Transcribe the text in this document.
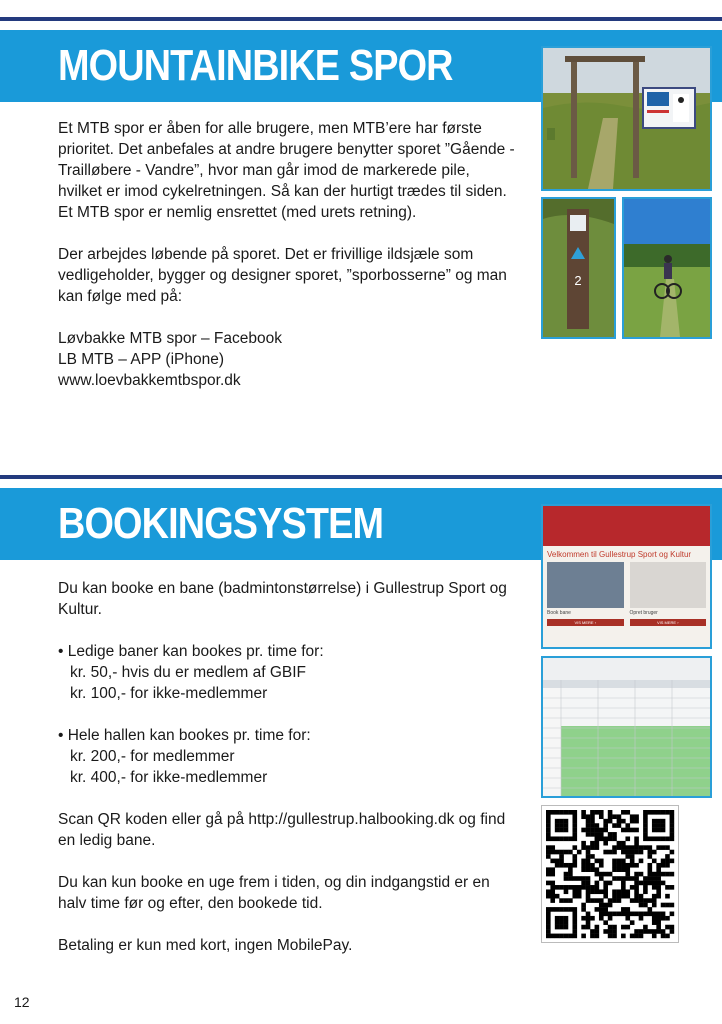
MOUNTAINBIKE SPOR

Et MTB spor er åben for alle brugere, men MTB’ere har første prioritet. Det anbefales at andre brugere benytter sporet ”Gående - Trailløbere - Vandre”, hvor man går imod de markerede pile, hvilket er imod cykelretningen. Så kan der hurtigt trædes til siden. Et MTB spor er nemlig ensrettet (med urets retning).

Der arbejdes løbende på sporet. Det er frivillige ildsjæle som vedligeholder, bygger og designer sporet, ”sporbosserne” og man kan følge med på:

Løvbakke MTB spor – Facebook

LB MTB – APP (iPhone)

www.loevbakkemtbspor.dk

2
BOOKINGSYSTEM

Du kan booke en bane (badmintonstørrelse) i Gullestrup Sport og Kultur.

• Ledige baner kan bookes pr. time for:

kr. 50,- hvis du er medlem af GBIF

kr. 100,- for ikke-medlemmer

• Hele hallen kan bookes pr. time for:

kr. 200,- for medlemmer

kr. 400,- for ikke-medlemmer

Scan QR koden eller gå på http://gullestrup.halbooking.dk og find en ledig bane.

Du kan kun booke en uge frem i tiden, og din indgangstid er en halv time før og efter, den bookede tid.

Betaling er kun med kort, ingen MobilePay.

Velkommen til Gullestrup Sport og Kultur
Book bane
VIS MERE ›
Opret bruger
VIS MERE ›
12
